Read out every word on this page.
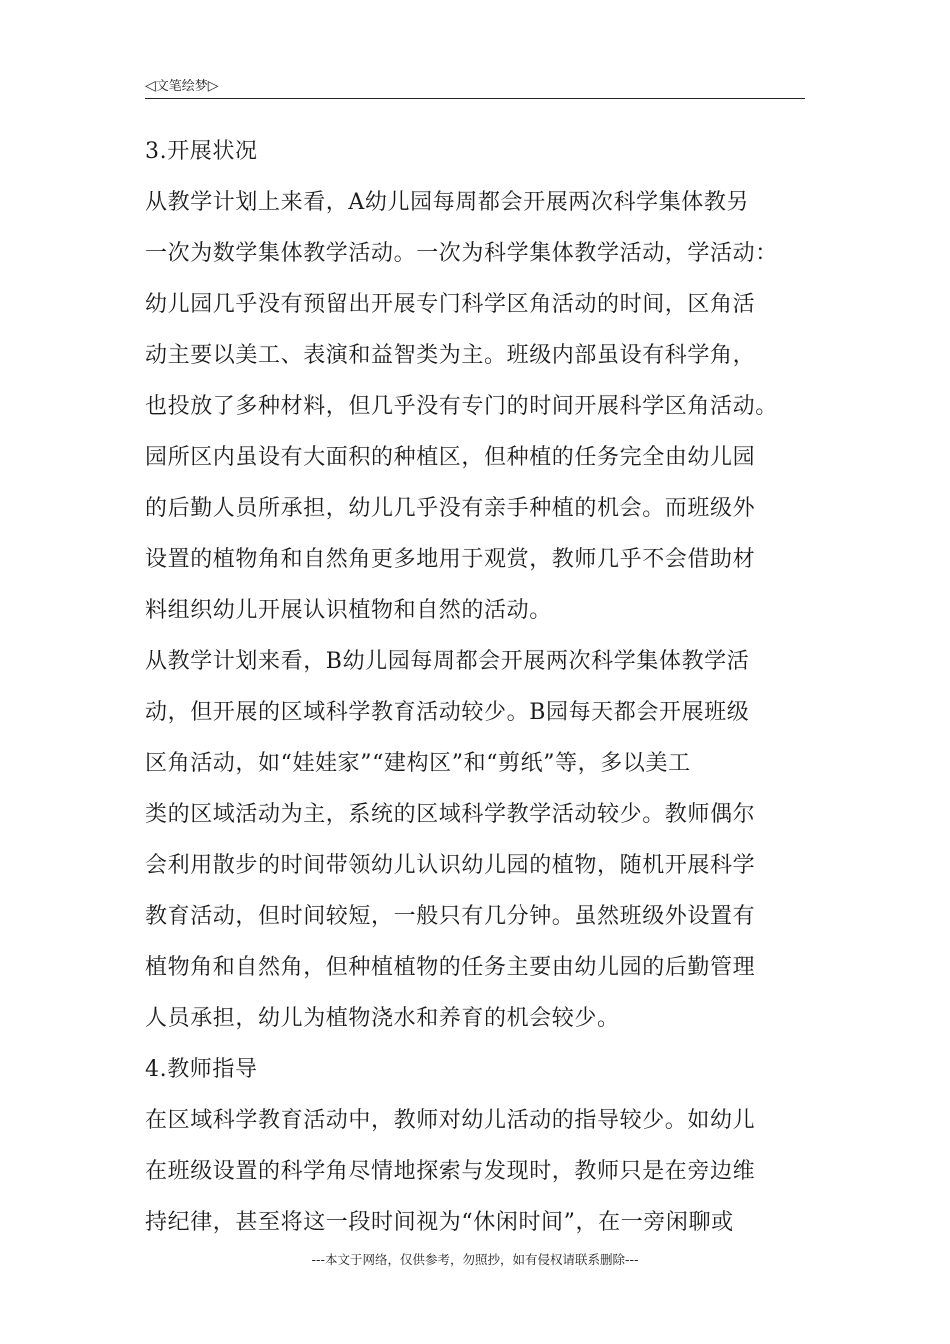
◁文笔绘梦▷
3.开展状况
从教学计划上来看，A幼儿园每周都会开展两次科学集体教另
一次为数学集体教学活动。一次为科学集体教学活动，学活动：
幼儿园几乎没有预留出开展专门科学区角活动的时间，区角活
动主要以美工、表演和益智类为主。班级内部虽设有科学角，
也投放了多种材料，但几乎没有专门的时间开展科学区角活动。
园所区内虽设有大面积的种植区，但种植的任务完全由幼儿园
的后勤人员所承担，幼儿几乎没有亲手种植的机会。而班级外
设置的植物角和自然角更多地用于观赏，教师几乎不会借助材
料组织幼儿开展认识植物和自然的活动。
从教学计划来看，B幼儿园每周都会开展两次科学集体教学活
动，但开展的区域科学教育活动较少。B园每天都会开展班级
区角活动，如“娃娃家”“建构区”和“剪纸”等，多以美工
类的区域活动为主，系统的区域科学教学活动较少。教师偶尔
会利用散步的时间带领幼儿认识幼儿园的植物，随机开展科学
教育活动，但时间较短，一般只有几分钟。虽然班级外设置有
植物角和自然角，但种植植物的任务主要由幼儿园的后勤管理
人员承担，幼儿为植物浇水和养育的机会较少。
4.教师指导
在区域科学教育活动中，教师对幼儿活动的指导较少。如幼儿
在班级设置的科学角尽情地探索与发现时，教师只是在旁边维
持纪律，甚至将这一段时间视为“休闲时间”，在一旁闲聊或
---本文于网络，仅供参考，勿照抄，如有侵权请联系删除---
